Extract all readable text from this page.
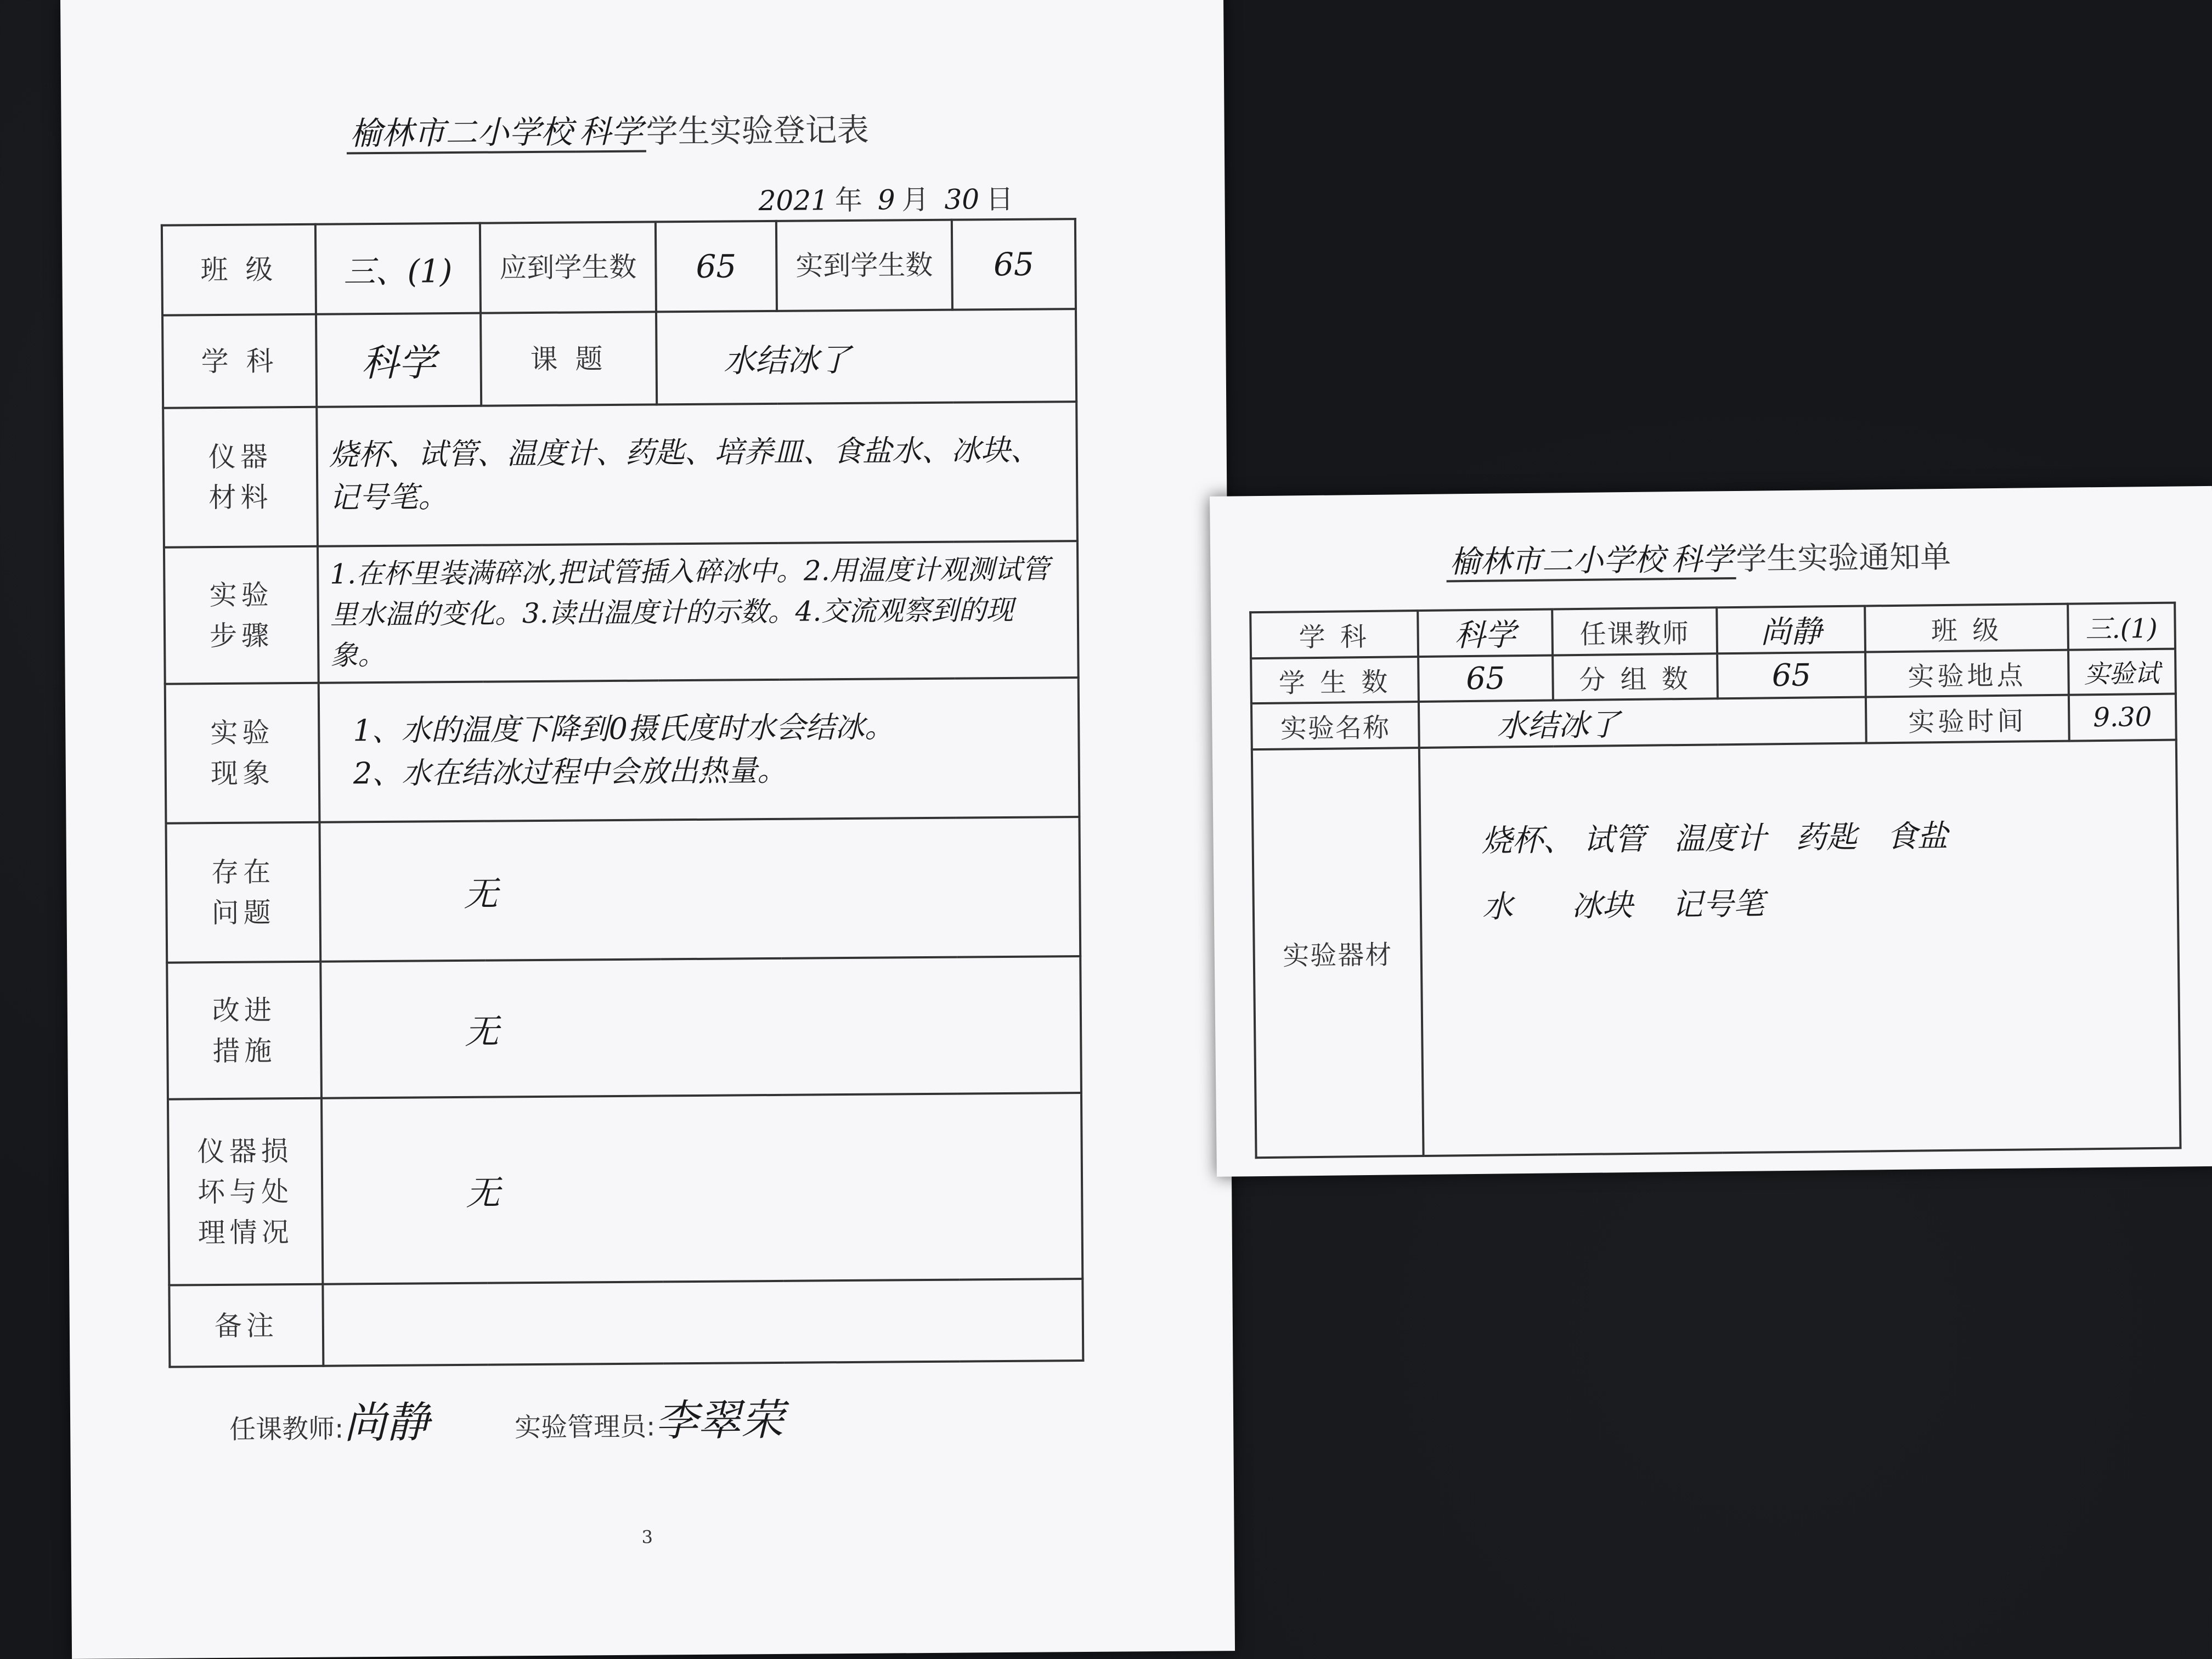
榆林市二小学校 科学学生实验登记表
2021 年 9 月 30 日
班 级	三、(1)	应到学生数	65	实到学生数	65
学 科	科学	课 题	水结冰了		
仪器材料	烧杯、试管、温度计、药匙、培养皿、食盐水、冰块、记号笔。				
实验步骤	1.在杯里装满碎冰,把试管插入碎冰中。2.用温度计观测试管里水温的变化。3.读出温度计的示数。4.交流观察到的现象。				
实验现象	1、水的温度下降到0摄氏度时水会结冰。
2、水在结冰过程中会放出热量。				

存在问题	无				
改进措施	无				
仪器损坏与处理情况	无				
备注					
任课教师:尚静	实验管理员:李翠荣
3
榆林市二小学校 科学学生实验通知单
学 科	科学	任课教师	尚静	班 级	三.(1)
学 生 数	65	分 组 数	65	实验地点	实验试
实验名称	水结冰了			实验时间	9.30
实验器材	烧杯、 试管   温度计   药匙   食盐
水      冰块    记号笔				
